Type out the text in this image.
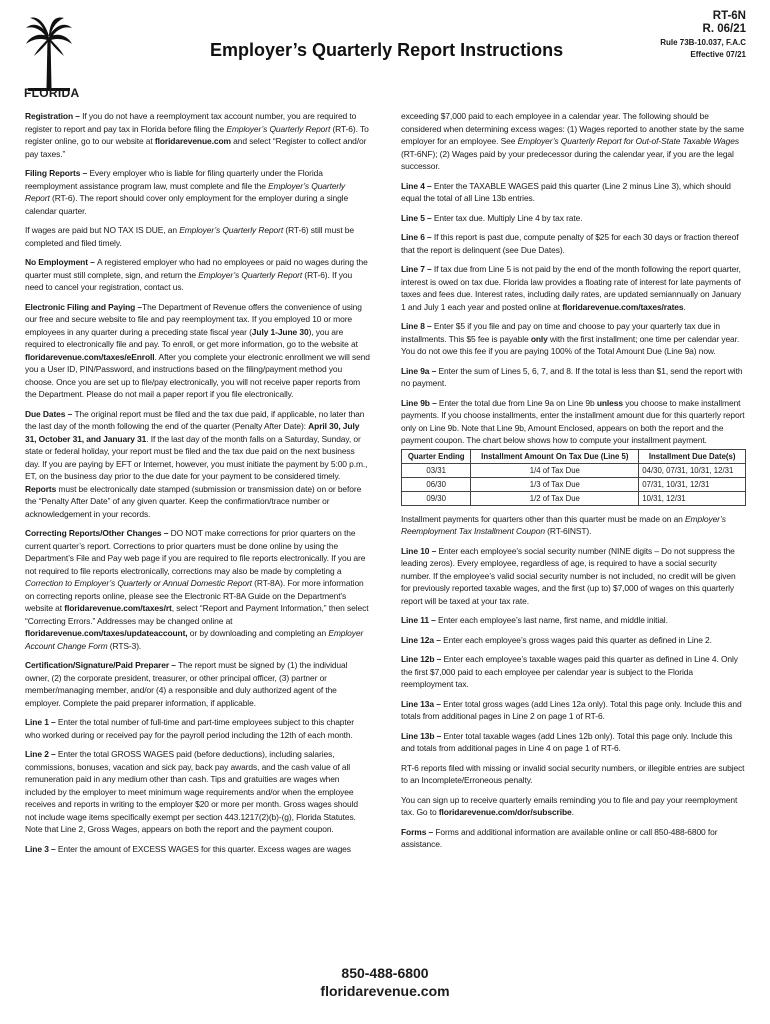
FLORIDA
Employer’s Quarterly Report Instructions
RT-6N
R. 06/21
Rule 73B-10.037, F.A.C
Effective 07/21

Registration – If you do not have a reemployment tax account number, you are required to register to report and pay tax in Florida before filing the Employer’s Quarterly Report (RT-6). To register online, go to our website at floridarevenue.com and select “Register to collect and/or pay taxes.”

Filing Reports – Every employer who is liable for filing quarterly under the Florida reemployment assistance program law, must complete and file the Employer’s Quarterly Report (RT-6). The report should cover only employment for the employer during a single calendar quarter.

If wages are paid but NO TAX IS DUE, an Employer’s Quarterly Report (RT-6) still must be completed and filed timely.

No Employment – A registered employer who had no employees or paid no wages during the quarter must still complete, sign, and return the Employer’s Quarterly Report (RT-6). If you need to cancel your registration, contact us.

Electronic Filing and Paying –The Department of Revenue offers the convenience of using our free and secure website to file and pay reemployment tax. If you employed 10 or more employees in any quarter during a preceding state fiscal year (July 1-June 30), you are required to electronically file and pay. To enroll, or get more information, go to the website at floridarevenue.com/taxes/eEnroll. After you complete your electronic enrollment we will send you a User ID, PIN/Password, and instructions based on the filing/payment method you choose. Once you are set up to file/pay electronically, you will not receive paper reports from the Department. Please do not mail a paper report if you file electronically.

Due Dates – The original report must be filed and the tax due paid, if applicable, no later than the last day of the month following the end of the quarter (Penalty After Date): April 30, July 31, October 31, and January 31. If the last day of the month falls on a Saturday, Sunday, or state or federal holiday, your report must be filed and the tax due paid on the next business day. If you are paying by EFT or Internet, however, you must initiate the payment by 5:00 p.m., ET, on the business day prior to the due date for your payment to be considered timely. Reports must be electronically date stamped (submission or transmission date) on or before the “Penalty After Date” of any given quarter. Keep the confirmation/trace number or acknowledgement in your records.

Correcting Reports/Other Changes – DO NOT make corrections for prior quarters on the current quarter’s report. Corrections to prior quarters must be done online by using the Department’s File and Pay web page if you are required to file reports electronically. If you are not required to file reports electronically, corrections may also be made by completing a Correction to Employer’s Quarterly or Annual Domestic Report (RT-8A). For more information on correcting reports online, please see the Electronic RT-8A Guide on the Department’s website at floridarevenue.com/taxes/rt, select “Report and Payment Information,” then select “Correcting Errors.” Addresses may be changed online at floridarevenue.com/taxes/updateaccount, or by downloading and completing an Employer Account Change Form (RTS-3).

Certification/Signature/Paid Preparer – The report must be signed by (1) the individual owner, (2) the corporate president, treasurer, or other principal officer, (3) partner or member/managing member, and/or (4) a responsible and duly authorized agent of the employer. Complete the paid preparer information, if applicable.

Line 1 – Enter the total number of full-time and part-time employees subject to this chapter who worked during or received pay for the payroll period including the 12th of each month.

Line 2 – Enter the total GROSS WAGES paid (before deductions), including salaries, commissions, bonuses, vacation and sick pay, back pay awards, and the cash value of all remuneration paid in any medium other than cash. Tips and gratuities are wages when included by the employer to meet minimum wage requirements and/or when the employee receives and reports in writing to the employer $20 or more per month. Gross wages should not include wage items specifically exempt per section 443.1217(2)(b)-(g), Florida Statutes. Note that Line 2, Gross Wages, appears on both the report and the payment coupon.

Line 3 – Enter the amount of EXCESS WAGES for this quarter. Excess wages are wages

exceeding $7,000 paid to each employee in a calendar year. The following should be considered when determining excess wages: (1) Wages reported to another state by the same employer for an employee. See Employer’s Quarterly Report for Out-of-State Taxable Wages (RT-6NF); (2) Wages paid by your predecessor during the calendar year, if you are the legal successor.

Line 4 – Enter the TAXABLE WAGES paid this quarter (Line 2 minus Line 3), which should equal the total of all Line 13b entries.

Line 5 – Enter tax due. Multiply Line 4 by tax rate.

Line 6 – If this report is past due, compute penalty of $25 for each 30 days or fraction thereof that the report is delinquent (see Due Dates).

Line 7 – If tax due from Line 5 is not paid by the end of the month following the report quarter, interest is owed on tax due. Florida law provides a floating rate of interest for late payments of taxes and fees due. Interest rates, including daily rates, are updated semiannually on January 1 and July 1 each year and posted online at floridarevenue.com/taxes/rates.

Line 8 – Enter $5 if you file and pay on time and choose to pay your quarterly tax due in installments. This $5 fee is payable only with the first installment; one time per calendar year. You do not owe this fee if you are paying 100% of the Total Amount Due (Line 9a) now.

Line 9a – Enter the sum of Lines 5, 6, 7, and 8. If the total is less than $1, send the report with no payment.

Line 9b – Enter the total due from Line 9a on Line 9b unless you choose to make installment payments. If you choose installments, enter the installment amount due for this quarterly report only on Line 9b. Note that Line 9b, Amount Enclosed, appears on both the report and the payment coupon. The chart below shows how to compute your installment payment.

Quarter Ending	Installment Amount On Tax Due (Line 5)	Installment Due Date(s)
03/31	1/4 of Tax Due	04/30, 07/31, 10/31, 12/31
06/30	1/3 of Tax Due	07/31, 10/31, 12/31
09/30	1/2 of Tax Due	10/31, 12/31

Installment payments for quarters other than this quarter must be made on an Employer’s Reemployment Tax Installment Coupon (RT-6INST).

Line 10 – Enter each employee’s social security number (NINE digits – Do not suppress the leading zeros). Every employee, regardless of age, is required to have a social security number. If the employee’s valid social security number is not included, no credit will be given for previously reported taxable wages, and the first (up to) $7,000 of wages on this quarterly report will be taxed at your tax rate.

Line 11 – Enter each employee’s last name, first name, and middle initial.

Line 12a – Enter each employee’s gross wages paid this quarter as defined in Line 2.

Line 12b – Enter each employee’s taxable wages paid this quarter as defined in Line 4. Only the first $7,000 paid to each employee per calendar year is subject to the Florida reemployment tax.

Line 13a – Enter total gross wages (add Lines 12a only). Total this page only. Include this and totals from additional pages in Line 2 on page 1 of RT-6.

Line 13b – Enter total taxable wages (add Lines 12b only). Total this page only. Include this and totals from additional pages in Line 4 on page 1 of RT-6.

RT-6 reports filed with missing or invalid social security numbers, or illegible entries are subject to an Incomplete/Erroneous penalty.

You can sign up to receive quarterly emails reminding you to file and pay your reemployment tax. Go to floridarevenue.com/dor/subscribe.

Forms – Forms and additional information are available online or call 850-488-6800 for assistance.

850-488-6800
floridarevenue.com
